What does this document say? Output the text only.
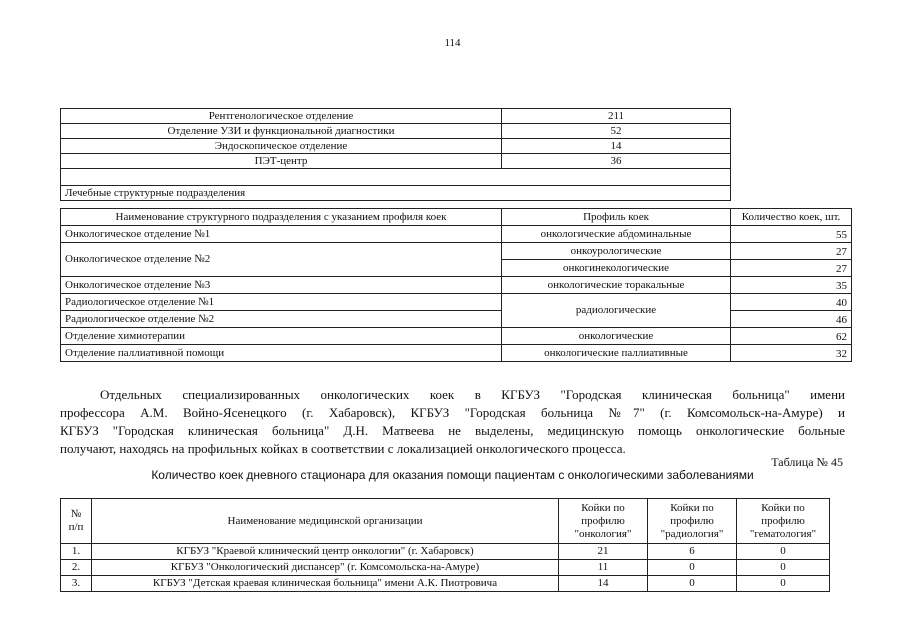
114
Рентгенологическое отделение	211
Отделение УЗИ и функциональной диагностики	52
Эндоскопическое отделение	14
ПЭТ-центр	36

Лечебные структурные подразделения	
Наименование структурного подразделения с указанием профиля коек	Профиль коек	Количество коек, шт.
Онкологическое отделение №1	онкологические абдоминальные	55
Онкологическое отделение №2	онкоурологические	27
	онкогинекологические	27
Онкологическое отделение №3	онкологические торакальные	35
Радиологическое отделение №1	радиологические	40
Радиологическое отделение №2		46
Отделение химиотерапии	онкологические	62
Отделение паллиативной помощи	онкологические паллиативные	32
Отдельных специализированных онкологических коек в КГБУЗ "Городская клиническая больница" имени
профессора А.М. Войно-Ясенецкого (г. Хабаровск), КГБУЗ "Городская больница №7" (г. Комсомольск-на-Амуре) и
КГБУЗ "Городская клиническая больница" Д.Н. Матвеева не выделены, медицинскую помощь онкологические больные
получают, находясь на профильных койках в соответствии с локализацией онкологического процесса.
Таблица № 45
Количество коек дневного стационара для оказания помощи пациентам с онкологическими заболеваниями
№
п/п	Наименование медицинской организации	Койки по
профилю
"онкология"	Койки по
профилю
"радиология"	Койки по
профилю
"гематология"
1.	КГБУЗ "Краевой клинический центр онкологии" (г. Хабаровск)	21	6	0
2.	КГБУЗ "Онкологический диспансер" (г. Комсомольска-на-Амуре)	11	0	0
3.	КГБУЗ "Детская краевая клиническая больница" имени А.К. Пиотровича	14	0	0
